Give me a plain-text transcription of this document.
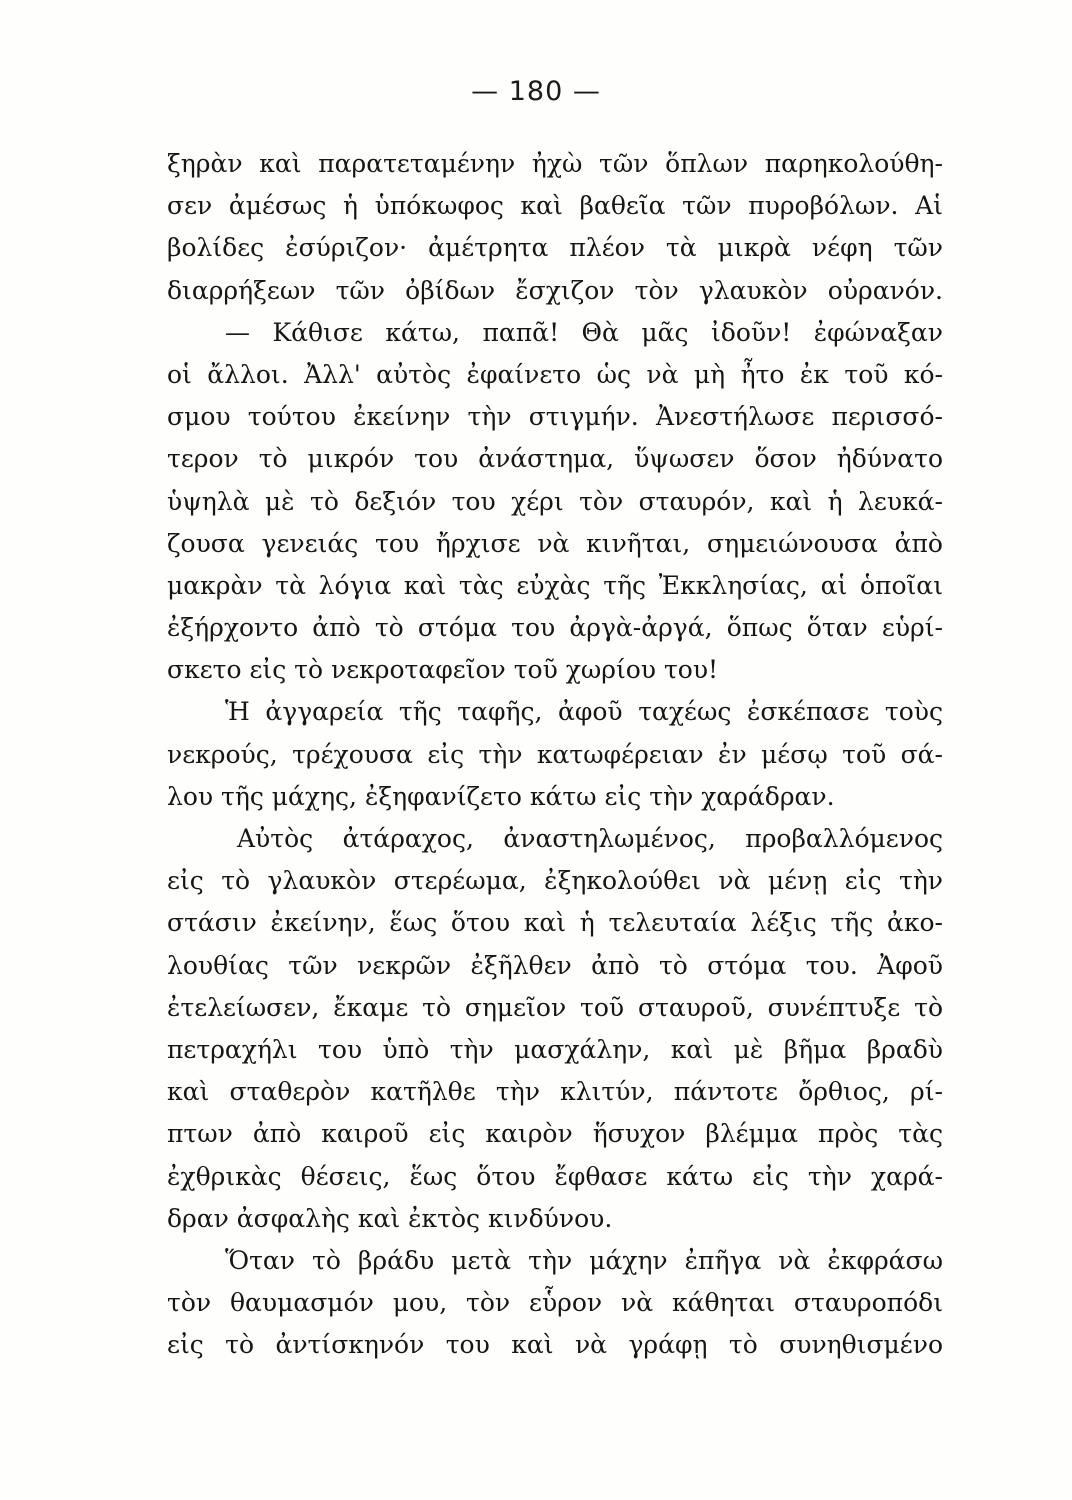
— 180 —
ξηρὰν καὶ παρατεταμένην ἠχὼ τῶν ὅπλων παρηκολούθη-
σεν ἀμέσως ἡ ὑπόκωφος καὶ βαθεῖα τῶν πυροβόλων. Αἱ
βολίδες ἐσύριζον· ἀμέτρητα πλέον τὰ μικρὰ νέφη τῶν
διαρρήξεων τῶν ὀβίδων ἔσχιζον τὸν γλαυκὸν οὐρανόν.
— Κάθισε κάτω, παπᾶ! Θὰ μᾶς ἰδοῦν! ἐφώναξαν
οἱ ἄλλοι. Ἀλλ' αὐτὸς ἐφαίνετο ὡς νὰ μὴ ἦτο ἐκ τοῦ κό-
σμου τούτου ἐκείνην τὴν στιγμήν. Ἀνεστήλωσε περισσό-
τερον τὸ μικρόν του ἀνάστημα, ὕψωσεν ὅσον ἠδύνατο
ὑψηλὰ μὲ τὸ δεξιόν του χέρι τὸν σταυρόν, καὶ ἡ λευκά-
ζουσα γενειάς του ἤρχισε νὰ κινῆται, σημειώνουσα ἀπὸ
μακρὰν τὰ λόγια καὶ τὰς εὐχὰς τῆς Ἐκκλησίας, αἱ ὁποῖαι
ἐξήρχοντο ἀπὸ τὸ στόμα του ἀργὰ-ἀργά, ὅπως ὅταν εὑρί-
σκετο εἰς τὸ νεκροταφεῖον τοῦ χωρίου του!
Ἡ ἀγγαρεία τῆς ταφῆς, ἀφοῦ ταχέως ἐσκέπασε τοὺς
νεκρούς, τρέχουσα εἰς τὴν κατωφέρειαν ἐν μέσῳ τοῦ σά-
λου τῆς μάχης, ἐξηφανίζετο κάτω εἰς τὴν χαράδραν.
Αὐτὸς ἀτάραχος, ἀναστηλωμένος, προβαλλόμενος
εἰς τὸ γλαυκὸν στερέωμα, ἐξηκολούθει νὰ μένῃ εἰς τὴν
στάσιν ἐκείνην, ἕως ὅτου καὶ ἡ τελευταία λέξις τῆς ἀκο-
λουθίας τῶν νεκρῶν ἐξῆλθεν ἀπὸ τὸ στόμα του. Ἀφοῦ
ἐτελείωσεν, ἔκαμε τὸ σημεῖον τοῦ σταυροῦ, συνέπτυξε τὸ
πετραχήλι του ὑπὸ τὴν μασχάλην, καὶ μὲ βῆμα βραδὺ
καὶ σταθερὸν κατῆλθε τὴν κλιτύν, πάντοτε ὄρθιος, ρί-
πτων ἀπὸ καιροῦ εἰς καιρὸν ἥσυχον βλέμμα πρὸς τὰς
ἐχθρικὰς θέσεις, ἕως ὅτου ἔφθασε κάτω εἰς τὴν χαρά-
δραν ἀσφαλὴς καὶ ἐκτὸς κινδύνου.
Ὅταν τὸ βράδυ μετὰ τὴν μάχην ἐπῆγα νὰ ἐκφράσω
τὸν θαυμασμόν μου, τὸν εὗρον νὰ κάθηται σταυροπόδι
εἰς τὸ ἀντίσκηνόν του καὶ νὰ γράφῃ τὸ συνηθισμένο
